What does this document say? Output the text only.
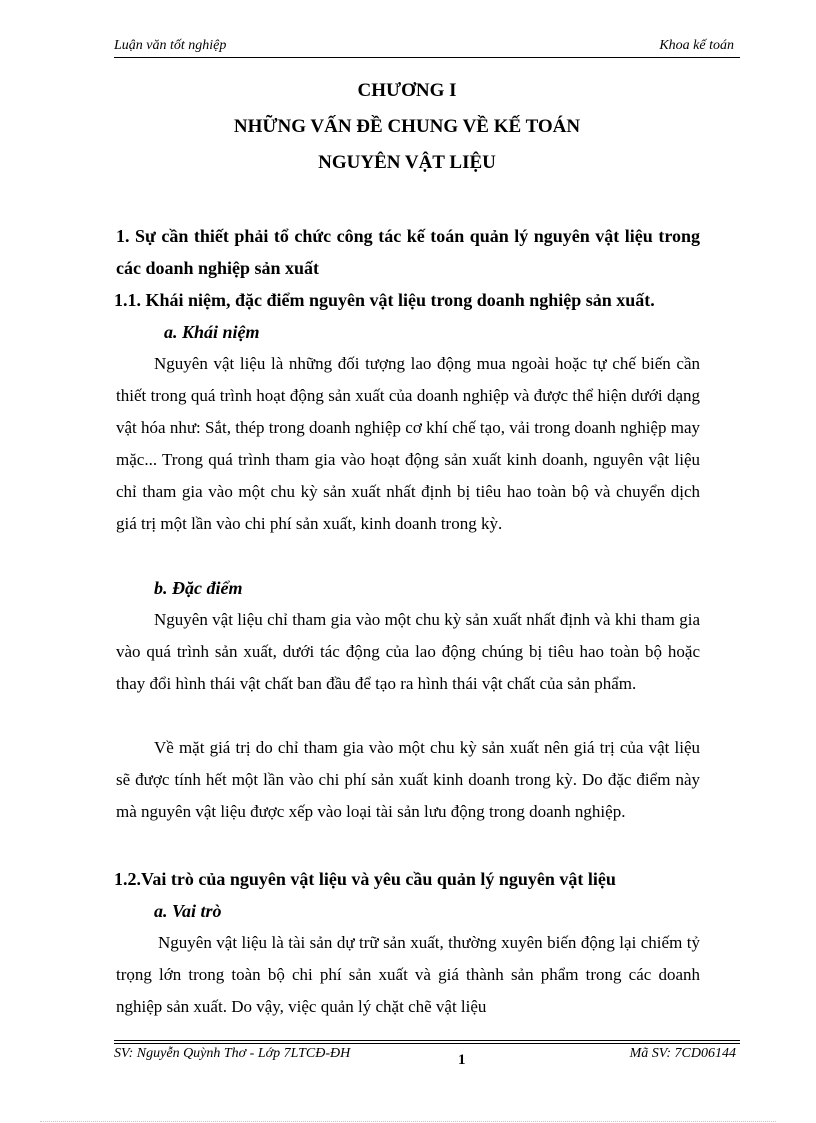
Luận văn tốt nghiệp	Khoa kế toán
CHƯƠNG I
NHỮNG VẤN ĐỀ CHUNG VỀ KẾ TOÁN
NGUYÊN VẬT LIỆU
1. Sự cần thiết phải tổ chức công tác kế toán quản lý nguyên vật liệu trong các doanh nghiệp sản xuất
1.1. Khái niệm, đặc điểm nguyên vật liệu trong doanh nghiệp sản xuất.
a. Khái niệm
Nguyên vật liệu là những đối tượng lao động mua ngoài hoặc tự chế biến cần thiết trong quá trình hoạt động sản xuất của doanh nghiệp và được thể hiện dưới dạng vật hóa như: Sắt, thép trong doanh nghiệp cơ khí chế tạo, vải trong doanh nghiệp may mặc... Trong quá trình tham gia vào hoạt động sản xuất kinh doanh, nguyên vật liệu chỉ tham gia vào một chu kỳ sản xuất nhất định bị tiêu hao toàn bộ và chuyển dịch giá trị một lần vào chi phí sản xuất, kinh doanh trong kỳ.
b. Đặc điểm
Nguyên vật liệu chỉ tham gia vào một chu kỳ sản xuất nhất định và khi tham gia vào quá trình sản xuất, dưới tác động của lao động chúng bị tiêu hao toàn bộ hoặc thay đổi hình thái vật chất ban đầu để tạo ra hình thái vật chất của sản phẩm.
Về mặt giá trị do chỉ tham gia vào một chu kỳ sản xuất nên giá trị của vật liệu sẽ được tính hết một lần vào chi phí sản xuất kinh doanh trong kỳ. Do đặc điểm này mà nguyên vật liệu được xếp vào loại tài sản lưu động trong doanh nghiệp.
1.2.Vai trò của nguyên vật liệu và yêu cầu quản lý nguyên vật liệu
a. Vai trò
Nguyên vật liệu là tài sản dự trữ sản xuất, thường xuyên biến động lại chiếm tỷ trọng lớn trong toàn bộ chi phí sản xuất và giá thành sản phẩm trong các doanh nghiệp sản xuất. Do vậy, việc quản lý chặt chẽ vật liệu
SV: Nguyễn Quỳnh Thơ - Lớp 7LTCĐ-ĐH	1	Mã SV: 7CD06144
